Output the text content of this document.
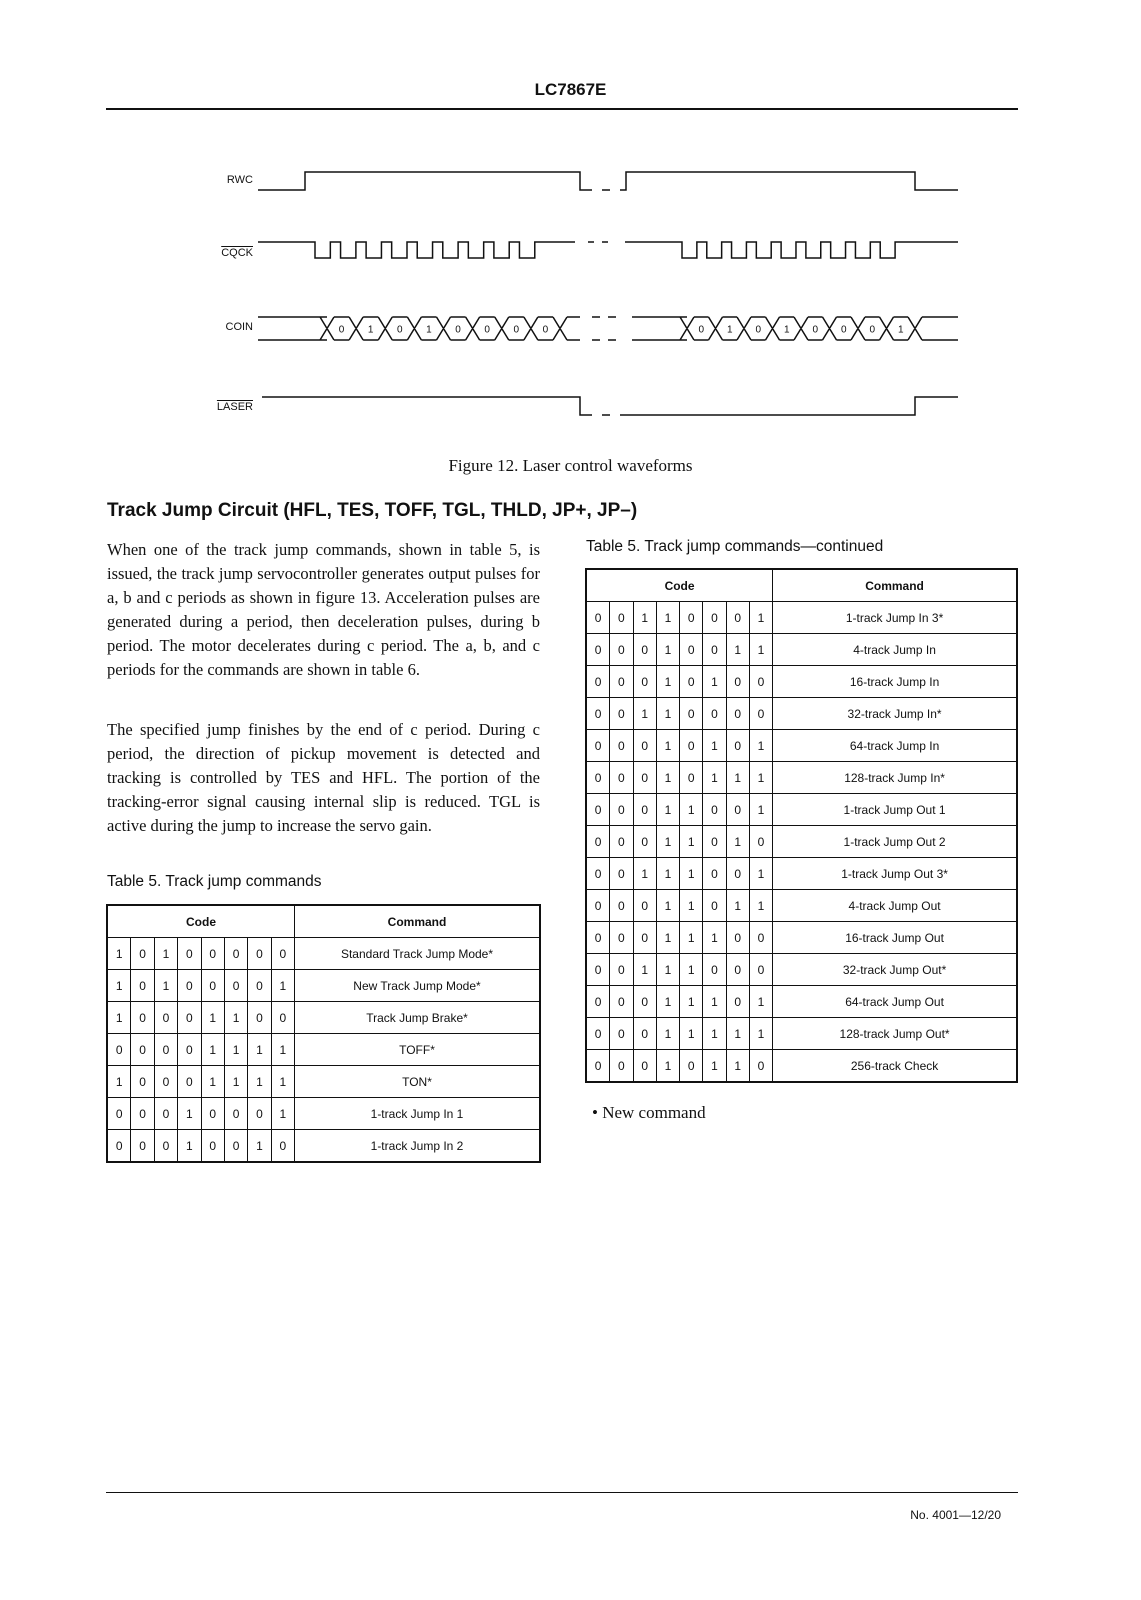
LC7867E
RWC
CQCK
COIN
LASER
0 1 0 1 0 0 0 0	0 1 0 1 0 0 0 1
Figure 12. Laser control waveforms
Track Jump Circuit (HFL, TES, TOFF, TGL, THLD, JP+, JP–)
When one of the track jump commands, shown in table 5, is issued, the track jump servocontroller generates output pulses for a, b and c periods as shown in figure 13. Acceleration pulses are generated during a period, then deceleration pulses, during b period. The motor decelerates during c period. The a, b, and c periods for the commands are shown in table 6.
The specified jump finishes by the end of c period. During c period, the direction of pickup movement is detected and tracking is controlled by TES and HFL. The portion of the tracking-error signal causing internal slip is reduced. TGL is active during the jump to increase the servo gain.
Table 5. Track jump commands
Code								Command
1	0	1	0	0	0	0	0	Standard Track Jump Mode*
1	0	1	0	0	0	0	1	New Track Jump Mode*
1	0	0	0	1	1	0	0	Track Jump Brake*
0	0	0	0	1	1	1	1	TOFF*
1	0	0	0	1	1	1	1	TON*
0	0	0	1	0	0	0	1	1-track Jump In 1
0	0	0	1	0	0	1	0	1-track Jump In 2
Table 5. Track jump commands—continued
Code								Command
0	0	1	1	0	0	0	1	1-track Jump In 3*
0	0	0	1	0	0	1	1	4-track Jump In
0	0	0	1	0	1	0	0	16-track Jump In
0	0	1	1	0	0	0	0	32-track Jump In*
0	0	0	1	0	1	0	1	64-track Jump In
0	0	0	1	0	1	1	1	128-track Jump In*
0	0	0	1	1	0	0	1	1-track Jump Out 1
0	0	0	1	1	0	1	0	1-track Jump Out 2
0	0	1	1	1	0	0	1	1-track Jump Out 3*
0	0	0	1	1	0	1	1	4-track Jump Out
0	0	0	1	1	1	0	0	16-track Jump Out
0	0	1	1	1	0	0	0	32-track Jump Out*
0	0	0	1	1	1	0	1	64-track Jump Out
0	0	0	1	1	1	1	1	128-track Jump Out*
0	0	0	1	0	1	1	0	256-track Check
• New command
No. 4001—12/20
